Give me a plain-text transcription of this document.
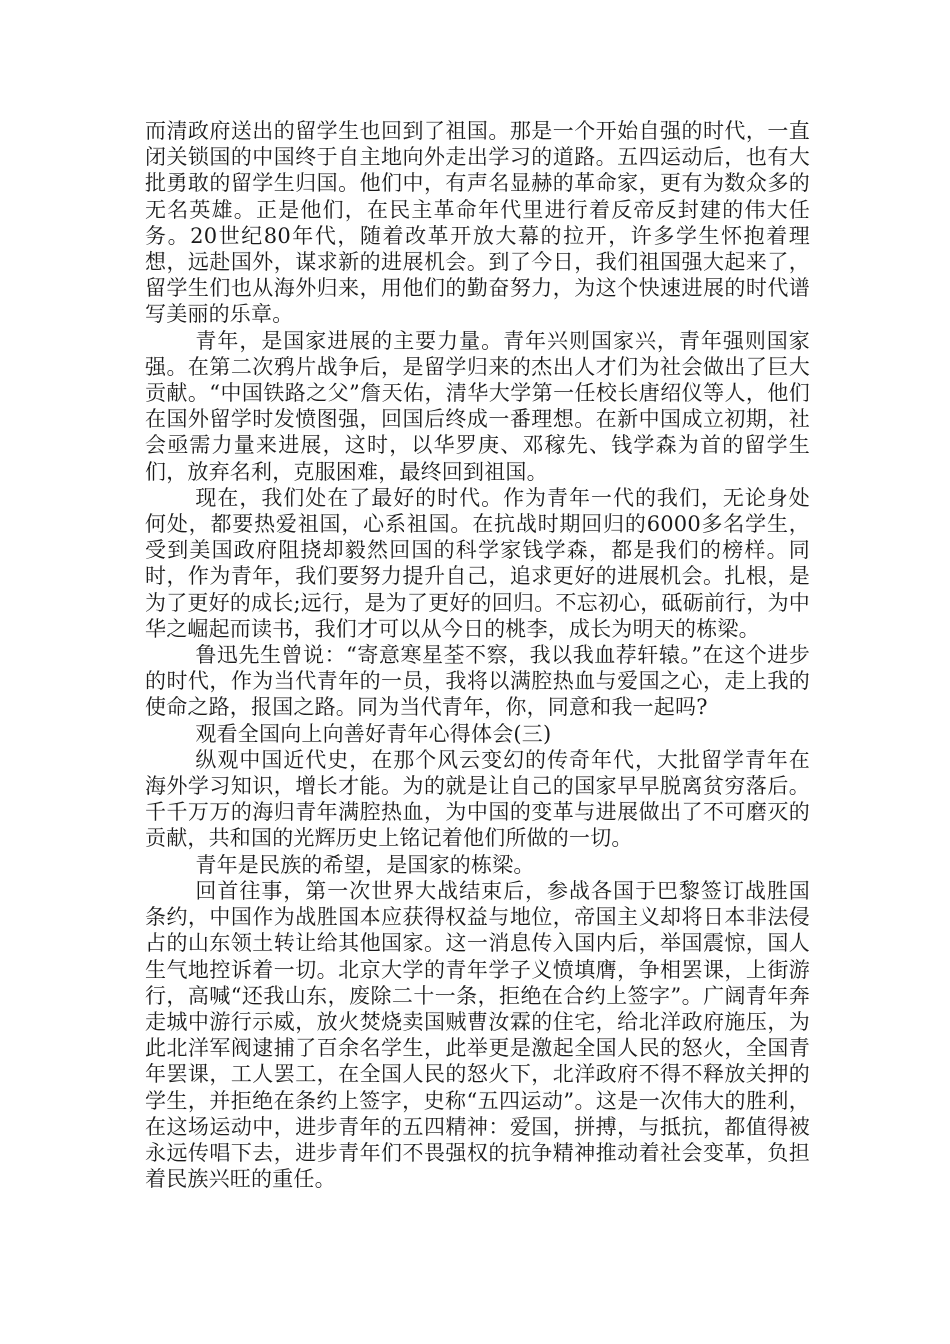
而清政府送出的留学生也回到了祖国。那是一个开始自强的时代，一直闭关锁国的中国终于自主地向外走出学习的道路。五四运动后，也有大批勇敢的留学生归国。他们中，有声名显赫的革命家，更有为数众多的无名英雄。正是他们，在民主革命年代里进行着反帝反封建的伟大任务。20世纪80年代，随着改革开放大幕的拉开，许多学生怀抱着理想，远赴国外，谋求新的进展机会。到了今日，我们祖国强大起来了，留学生们也从海外归来，用他们的勤奋努力，为这个快速进展的时代谱写美丽的乐章。

青年，是国家进展的主要力量。青年兴则国家兴，青年强则国家强。在第二次鸦片战争后，是留学归来的杰出人才们为社会做出了巨大贡献。“中国铁路之父”詹天佑，清华大学第一任校长唐绍仪等人，他们在国外留学时发愤图强，回国后终成一番理想。在新中国成立初期，社会亟需力量来进展，这时，以华罗庚、邓稼先、钱学森为首的留学生们，放弃名利，克服困难，最终回到祖国。

现在，我们处在了最好的时代。作为青年一代的我们，无论身处何处，都要热爱祖国，心系祖国。在抗战时期回归的6000多名学生，受到美国政府阻挠却毅然回国的科学家钱学森，都是我们的榜样。同时，作为青年，我们要努力提升自己，追求更好的进展机会。扎根，是为了更好的成长;远行，是为了更好的回归。不忘初心，砥砺前行，为中华之崛起而读书，我们才可以从今日的桃李，成长为明天的栋梁。

鲁迅先生曾说：“寄意寒星荃不察，我以我血荐轩辕。”在这个进步的时代，作为当代青年的一员，我将以满腔热血与爱国之心，走上我的使命之路，报国之路。同为当代青年，你，同意和我一起吗?

观看全国向上向善好青年心得体会(三)

纵观中国近代史，在那个风云变幻的传奇年代，大批留学青年在海外学习知识，增长才能。为的就是让自己的国家早早脱离贫穷落后。千千万万的海归青年满腔热血，为中国的变革与进展做出了不可磨灭的贡献，共和国的光辉历史上铭记着他们所做的一切。

青年是民族的希望，是国家的栋梁。

回首往事，第一次世界大战结束后，参战各国于巴黎签订战胜国条约，中国作为战胜国本应获得权益与地位，帝国主义却将日本非法侵占的山东领土转让给其他国家。这一消息传入国内后，举国震惊，国人生气地控诉着一切。北京大学的青年学子义愤填膺，争相罢课，上街游行，高喊“还我山东，废除二十一条，拒绝在合约上签字”。广阔青年奔走城中游行示威，放火焚烧卖国贼曹汝霖的住宅，给北洋政府施压，为此北洋军阀逮捕了百余名学生，此举更是激起全国人民的怒火，全国青年罢课，工人罢工，在全国人民的怒火下，北洋政府不得不释放关押的学生，并拒绝在条约上签字，史称“五四运动”。这是一次伟大的胜利，在这场运动中，进步青年的五四精神：爱国，拼搏，与抵抗，都值得被永远传唱下去，进步青年们不畏强权的抗争精神推动着社会变革，负担着民族兴旺的重任。
